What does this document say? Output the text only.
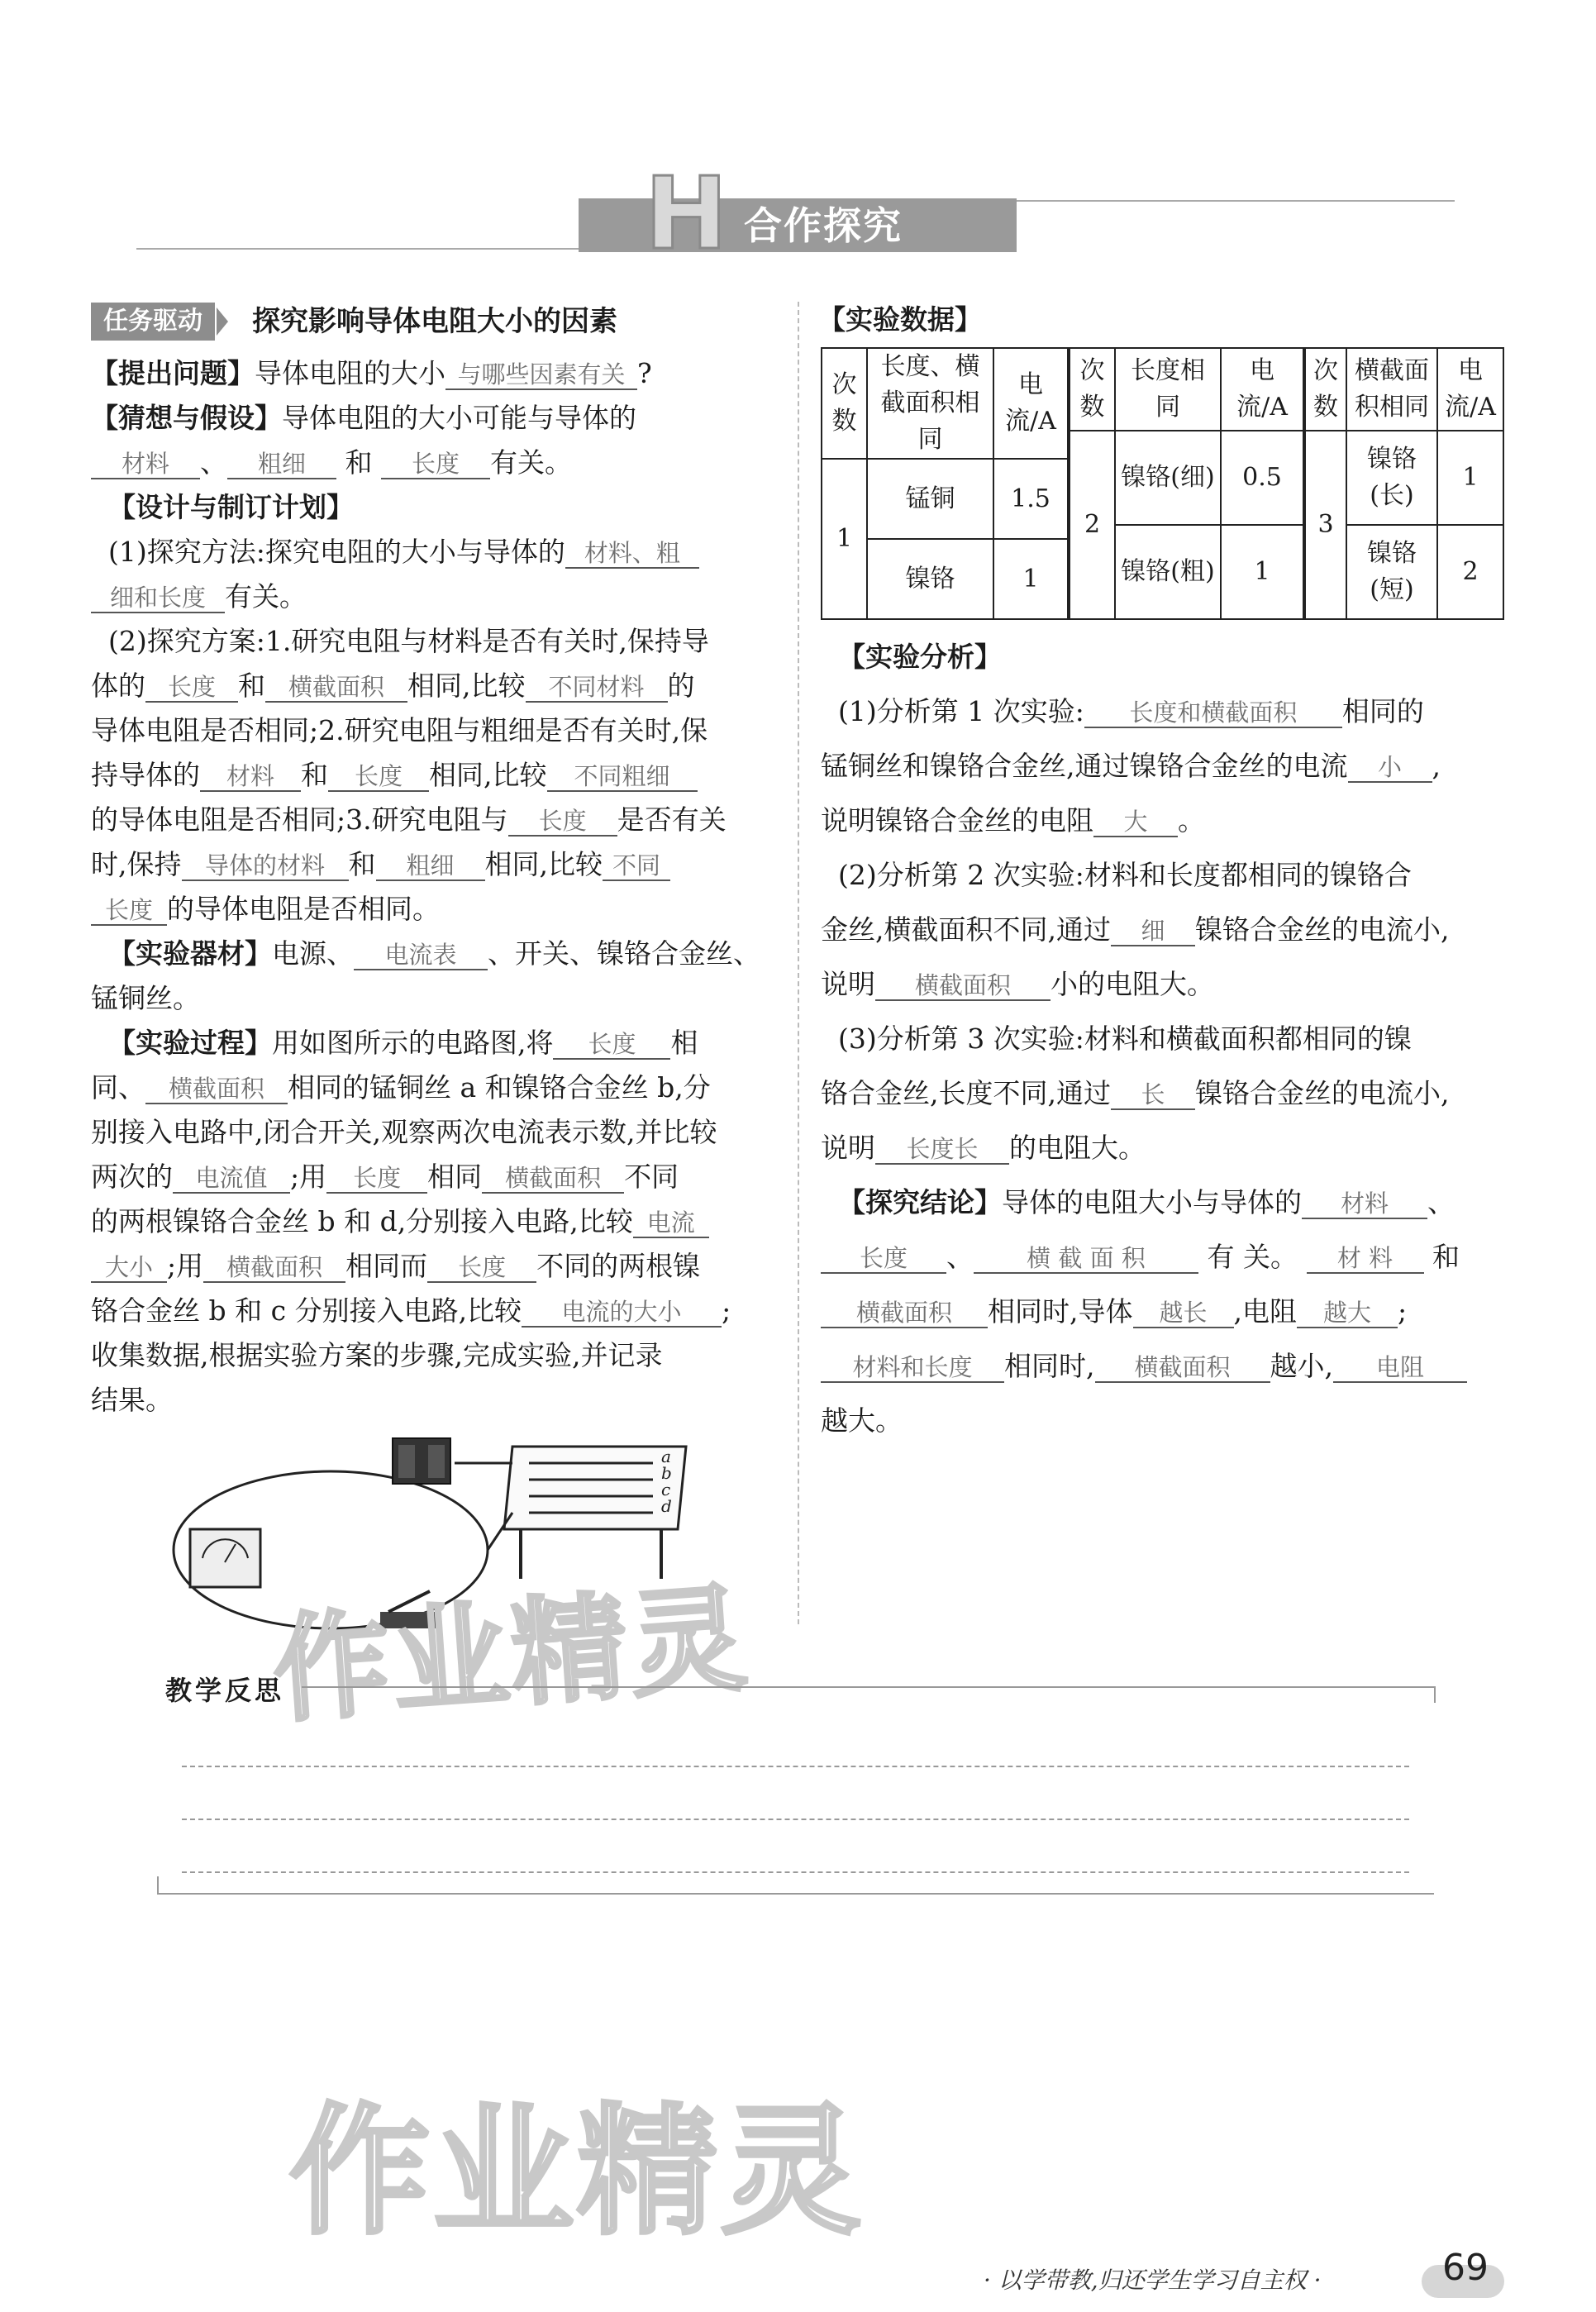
H 合作探究
任务驱动	探究影响导体电阻大小的因素

【提出问题】导体电阻的大小 与哪些因素有关 ?

【猜想与假设】导体电阻的大小可能与导体的

材料 、 粗细 和 长度 有关。

【设计与制订计划】

(1)探究方法:探究电阻的大小与导体的 材料、粗

细和长度 有关。

(2)探究方案:1.研究电阻与材料是否有关时,保持导

体的 长度 和 横截面积 相同,比较 不同材料 的

导体电阻是否相同;2.研究电阻与粗细是否有关时,保

持导体的 材料 和 长度 相同,比较 不同粗细

的导体电阻是否相同;3.研究电阻与 长度 是否有关

时,保持 导体的材料 和 粗细 相同,比较 不同

长度 的导体电阻是否相同。

【实验器材】电源、 电流表 、开关、镍铬合金丝、

锰铜丝。

【实验过程】用如图所示的电路图,将 长度 相

同、 横截面积 相同的锰铜丝 a 和镍铬合金丝 b,分

别接入电路中,闭合开关,观察两次电流表示数,并比较

两次的 电流值 ;用 长度 相同 横截面积 不同

的两根镍铬合金丝 b 和 d,分别接入电路,比较 电流

大小 ;用 横截面积 相同而 长度 不同的两根镍

铬合金丝 b 和 c 分别接入电路,比较 电流的大小 ;

收集数据,根据实验方案的步骤,完成实验,并记录

结果。

a
b
c
d
【实验数据】
次数	长度、横截面积相同	电流/A
1	锰铜	1.5
	镍铬	1
次数	长度相同	电流/A
2	镍铬(细)	0.5
	镍铬(粗)	1
次数	横截面积相同	电流/A
3	镍铬(长)	1
	镍铬(短)	2

【实验分析】

(1)分析第 1 次实验: 长度和横截面积 相同的

锰铜丝和镍铬合金丝,通过镍铬合金丝的电流 小 ,

说明镍铬合金丝的电阻 大 。

(2)分析第 2 次实验:材料和长度都相同的镍铬合

金丝,横截面积不同,通过 细 镍铬合金丝的电流小,

说明 横截面积 小的电阻大。

(3)分析第 3 次实验:材料和横截面积都相同的镍

铬合金丝,长度不同,通过 长 镍铬合金丝的电流小,

说明 长度长 的电阻大。

【探究结论】导体的电阻大小与导体的 材料 、

长度 、 横 截 面 积 有 关。 材 料 和

横截面积 相同时,导体 越长 ,电阻 越大 ;

材料和长度 相同时, 横截面积 越小, 电阻

越大。

作业精灵
教学反思
作业精灵
· 以学带教,归还学生学习自主权 ·	69
